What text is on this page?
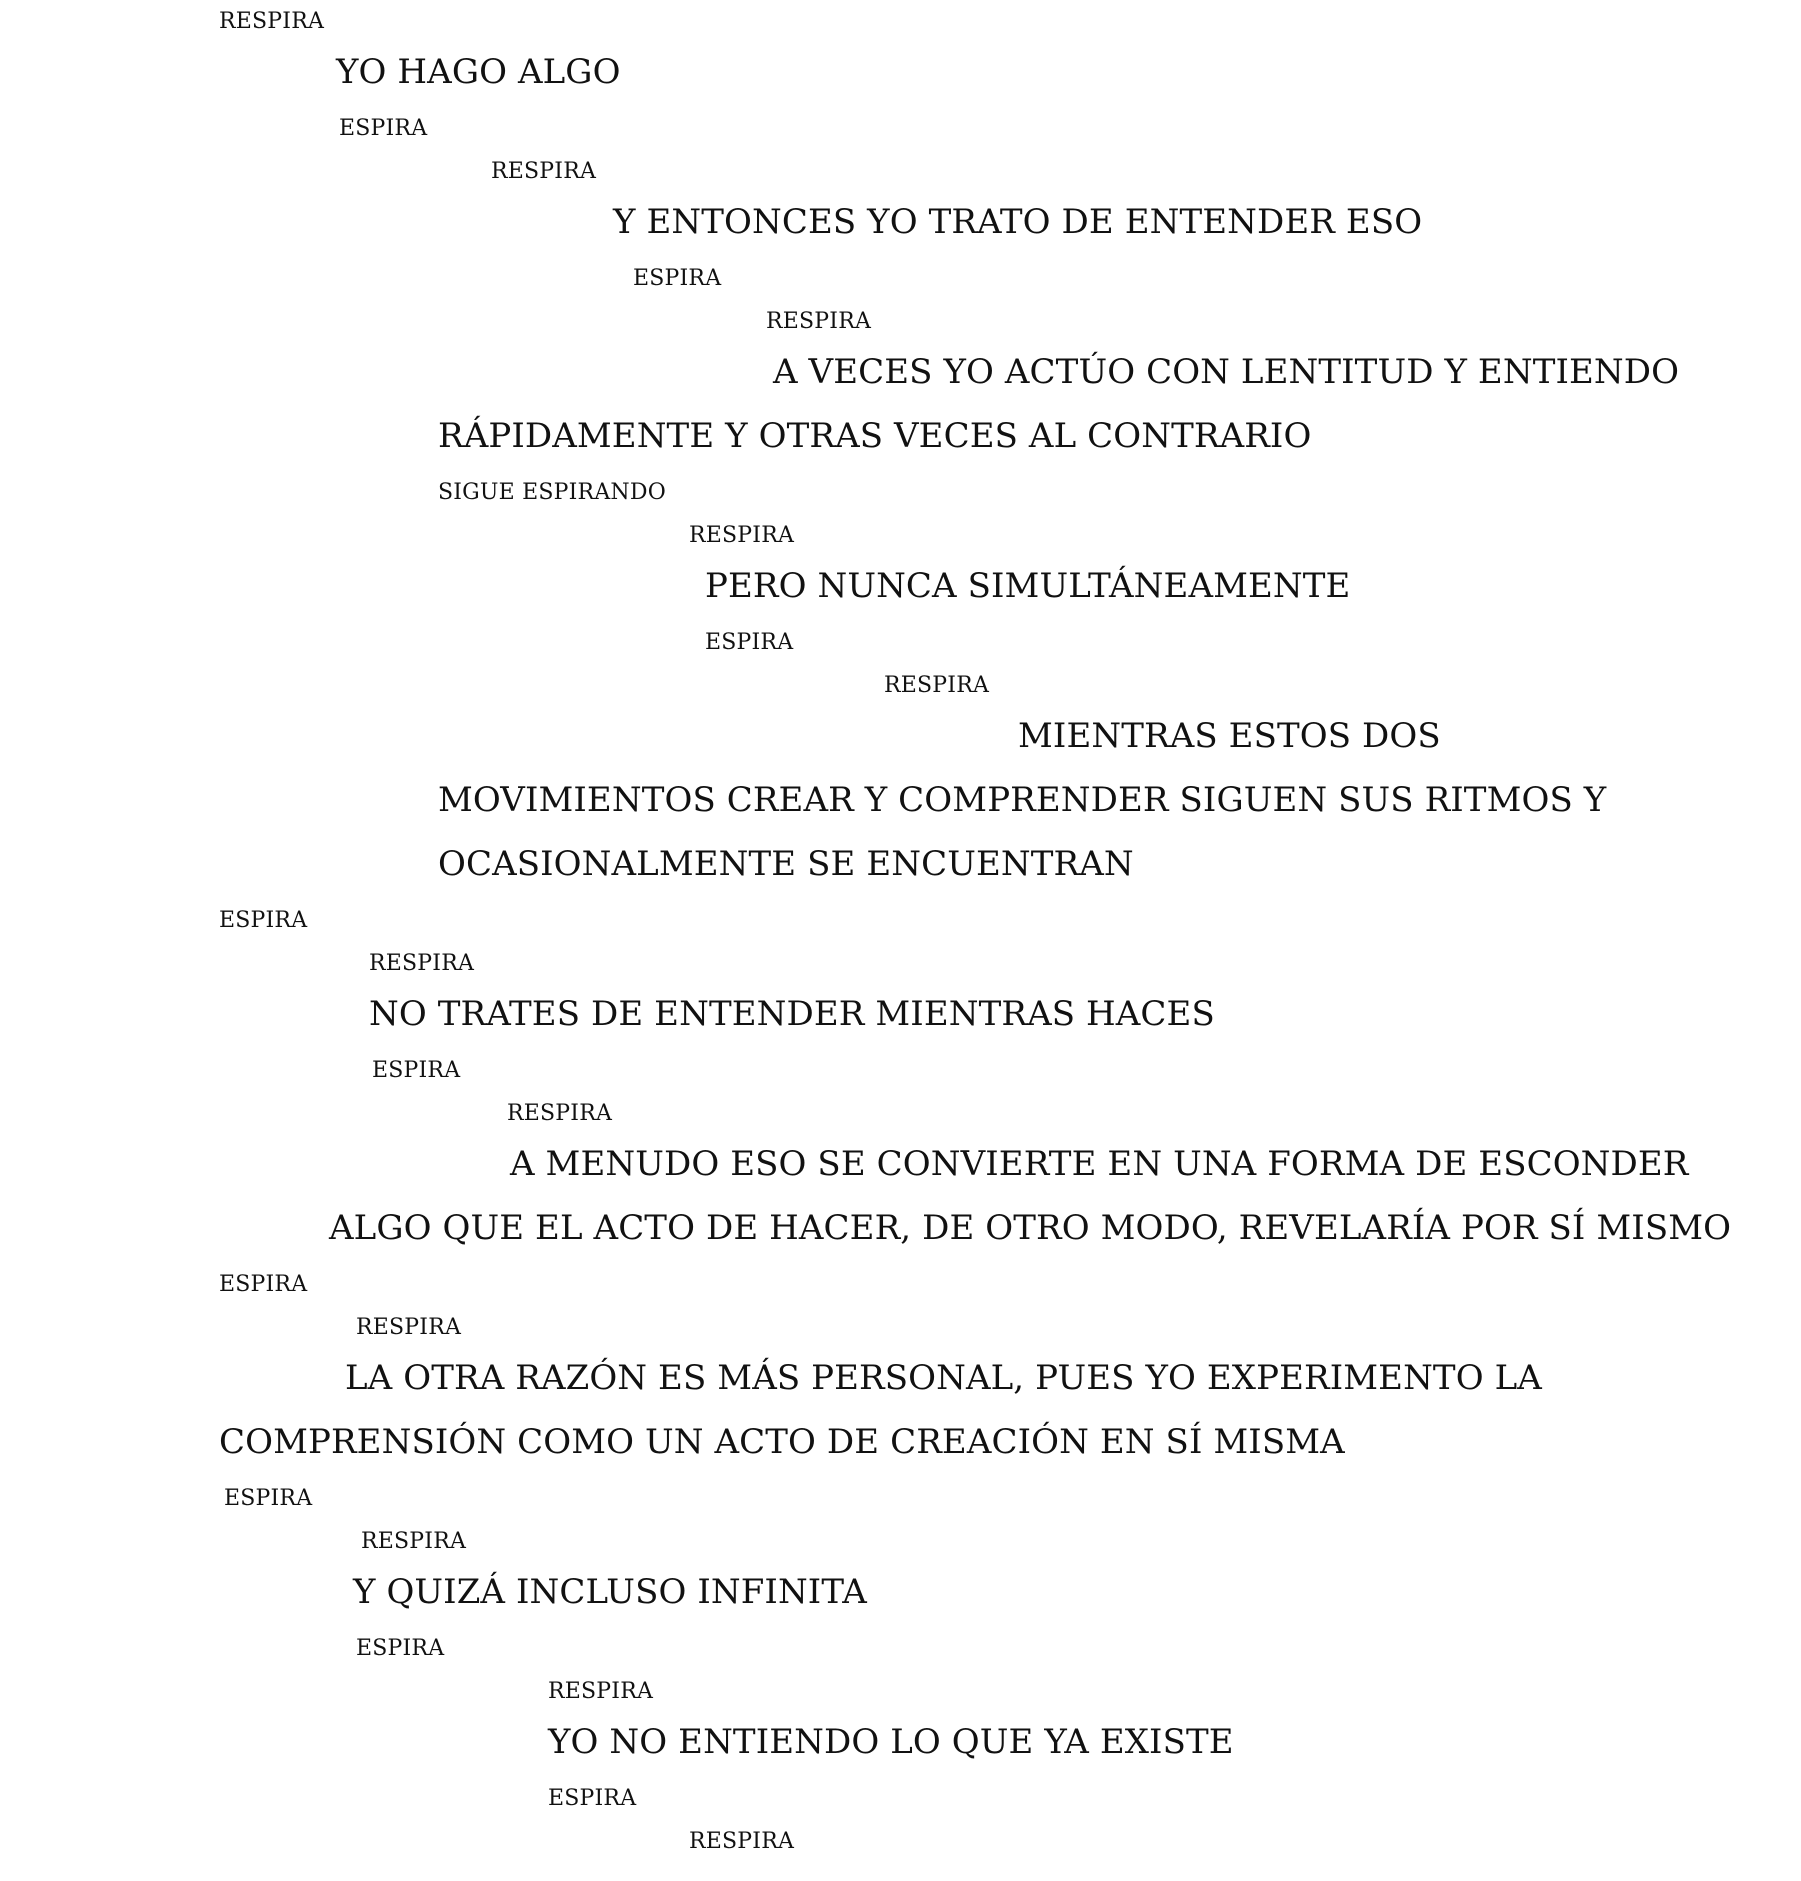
RESPIRA

YO HAGO ALGO

ESPIRA

RESPIRA

Y ENTONCES YO TRATO DE ENTENDER ESO

ESPIRA

RESPIRA

A VECES YO ACTÚO CON LENTITUD Y ENTIENDO

RÁPIDAMENTE Y OTRAS VECES AL CONTRARIO

SIGUE ESPIRANDO

RESPIRA

PERO NUNCA SIMULTÁNEAMENTE

ESPIRA

RESPIRA

MIENTRAS ESTOS DOS

MOVIMIENTOS CREAR Y COMPRENDER SIGUEN SUS RITMOS Y

OCASIONALMENTE SE ENCUENTRAN

ESPIRA

RESPIRA

NO TRATES DE ENTENDER MIENTRAS HACES

ESPIRA

RESPIRA

A MENUDO ESO SE CONVIERTE EN UNA FORMA DE ESCONDER

ALGO QUE EL ACTO DE HACER, DE OTRO MODO, REVELARÍA POR SÍ MISMO

ESPIRA

RESPIRA

LA OTRA RAZÓN ES MÁS PERSONAL, PUES YO EXPERIMENTO LA

COMPRENSIÓN COMO UN ACTO DE CREACIÓN EN SÍ MISMA

ESPIRA

RESPIRA

Y QUIZÁ INCLUSO INFINITA

ESPIRA

RESPIRA

YO NO ENTIENDO LO QUE YA EXISTE

ESPIRA

RESPIRA
